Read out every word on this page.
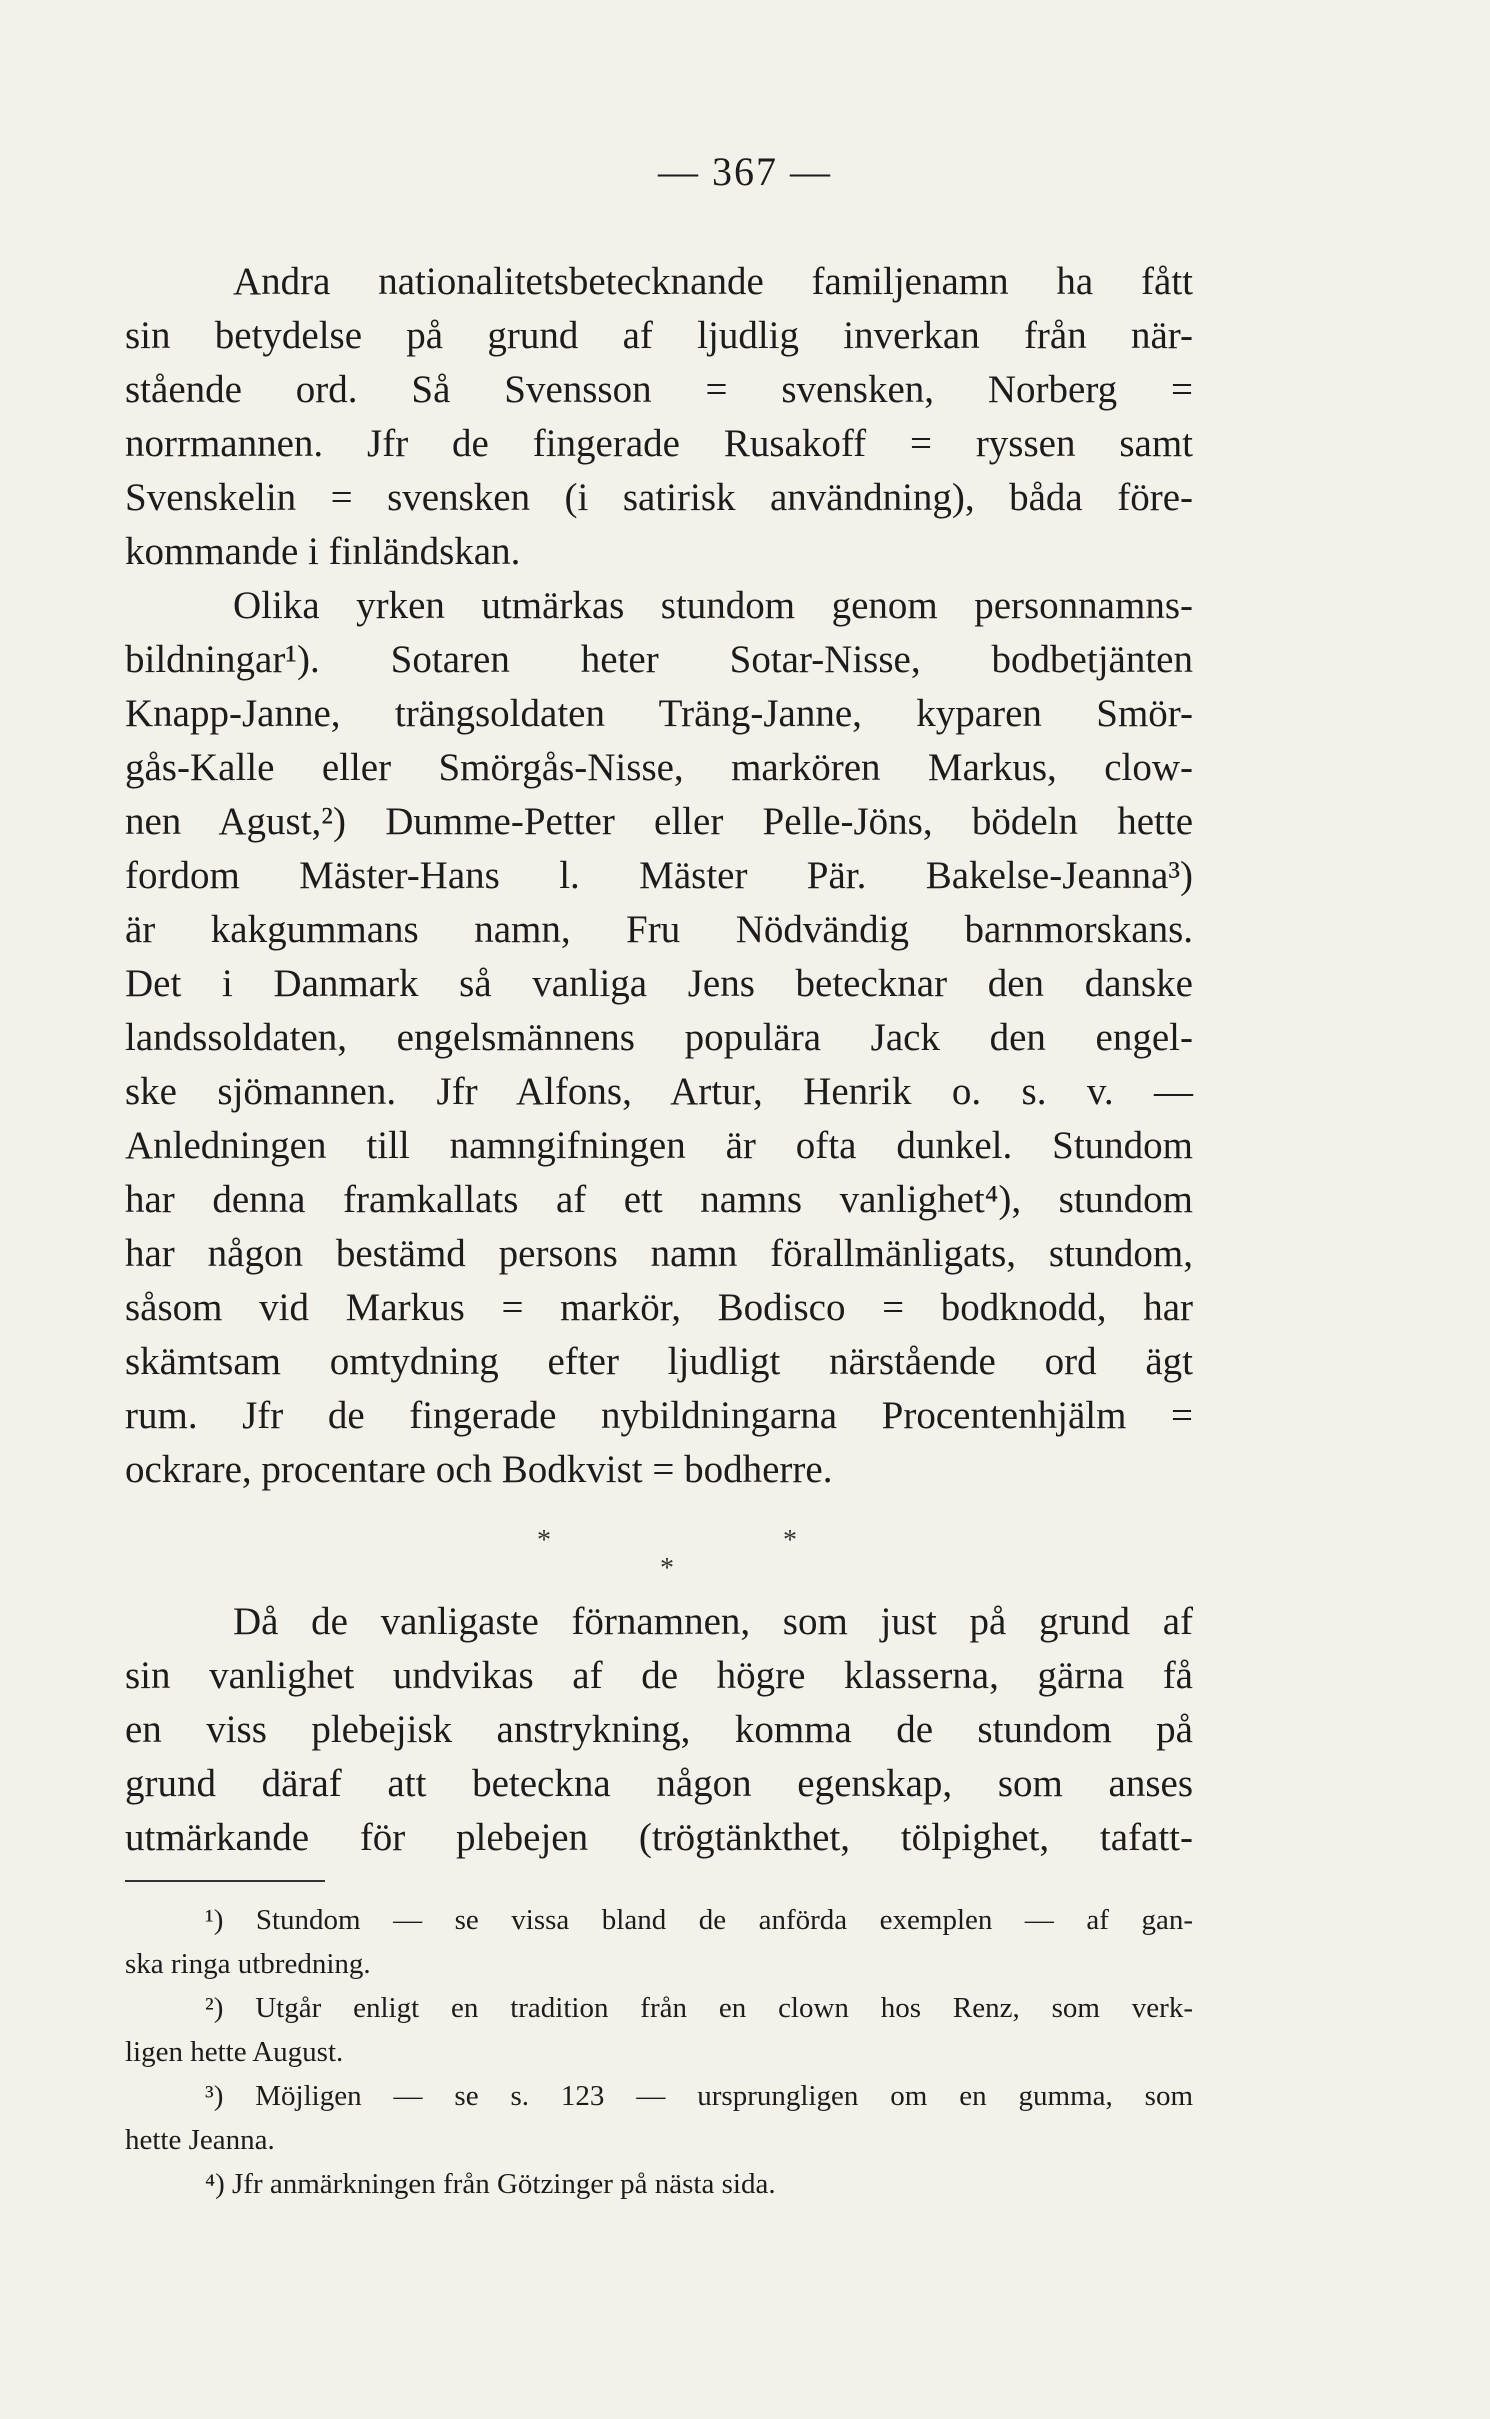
— 367 —

Andra nationalitetsbetecknande familjenamn ha fått
sin betydelse på grund af ljudlig inverkan från när-
stående ord. Så Svensson = svensken, Norberg =
norrmannen. Jfr de fingerade Rusakoff = ryssen samt
Svenskelin = svensken (i satirisk användning), båda före-
kommande i finländskan.

Olika yrken utmärkas stundom genom personnamns-
bildningar¹). Sotaren heter Sotar-Nisse, bodbetjänten
Knapp-Janne, trängsoldaten Träng-Janne, kyparen Smör-
gås-Kalle eller Smörgås-Nisse, markören Markus, clow-
nen Agust,²) Dumme-Petter eller Pelle-Jöns, bödeln hette
fordom Mäster-Hans l. Mäster Pär. Bakelse-Jeanna³)
är kakgummans namn, Fru Nödvändig barnmorskans.
Det i Danmark så vanliga Jens betecknar den danske
landssoldaten, engelsmännens populära Jack den engel-
ske sjömannen. Jfr Alfons, Artur, Henrik o. s. v. —
Anledningen till namngifningen är ofta dunkel. Stundom
har denna framkallats af ett namns vanlighet⁴), stundom
har någon bestämd persons namn förallmänligats, stundom,
såsom vid Markus = markör, Bodisco = bodknodd, har
skämtsam omtydning efter ljudligt närstående ord ägt
rum. Jfr de fingerade nybildningarna Procentenhjälm =
ockrare, procentare och Bodkvist = bodherre.

*	*
*

Då de vanligaste förnamnen, som just på grund af
sin vanlighet undvikas af de högre klasserna, gärna få
en viss plebejisk anstrykning, komma de stundom på
grund däraf att beteckna någon egenskap, som anses
utmärkande för plebejen (trögtänkthet, tölpighet, tafatt-

¹) Stundom — se vissa bland de anförda exemplen — af gan-
ska ringa utbredning.
²) Utgår enligt en tradition från en clown hos Renz, som verk-
ligen hette August.
³) Möjligen — se s. 123 — ursprungligen om en gumma, som
hette Jeanna.
⁴) Jfr anmärkningen från Götzinger på nästa sida.
